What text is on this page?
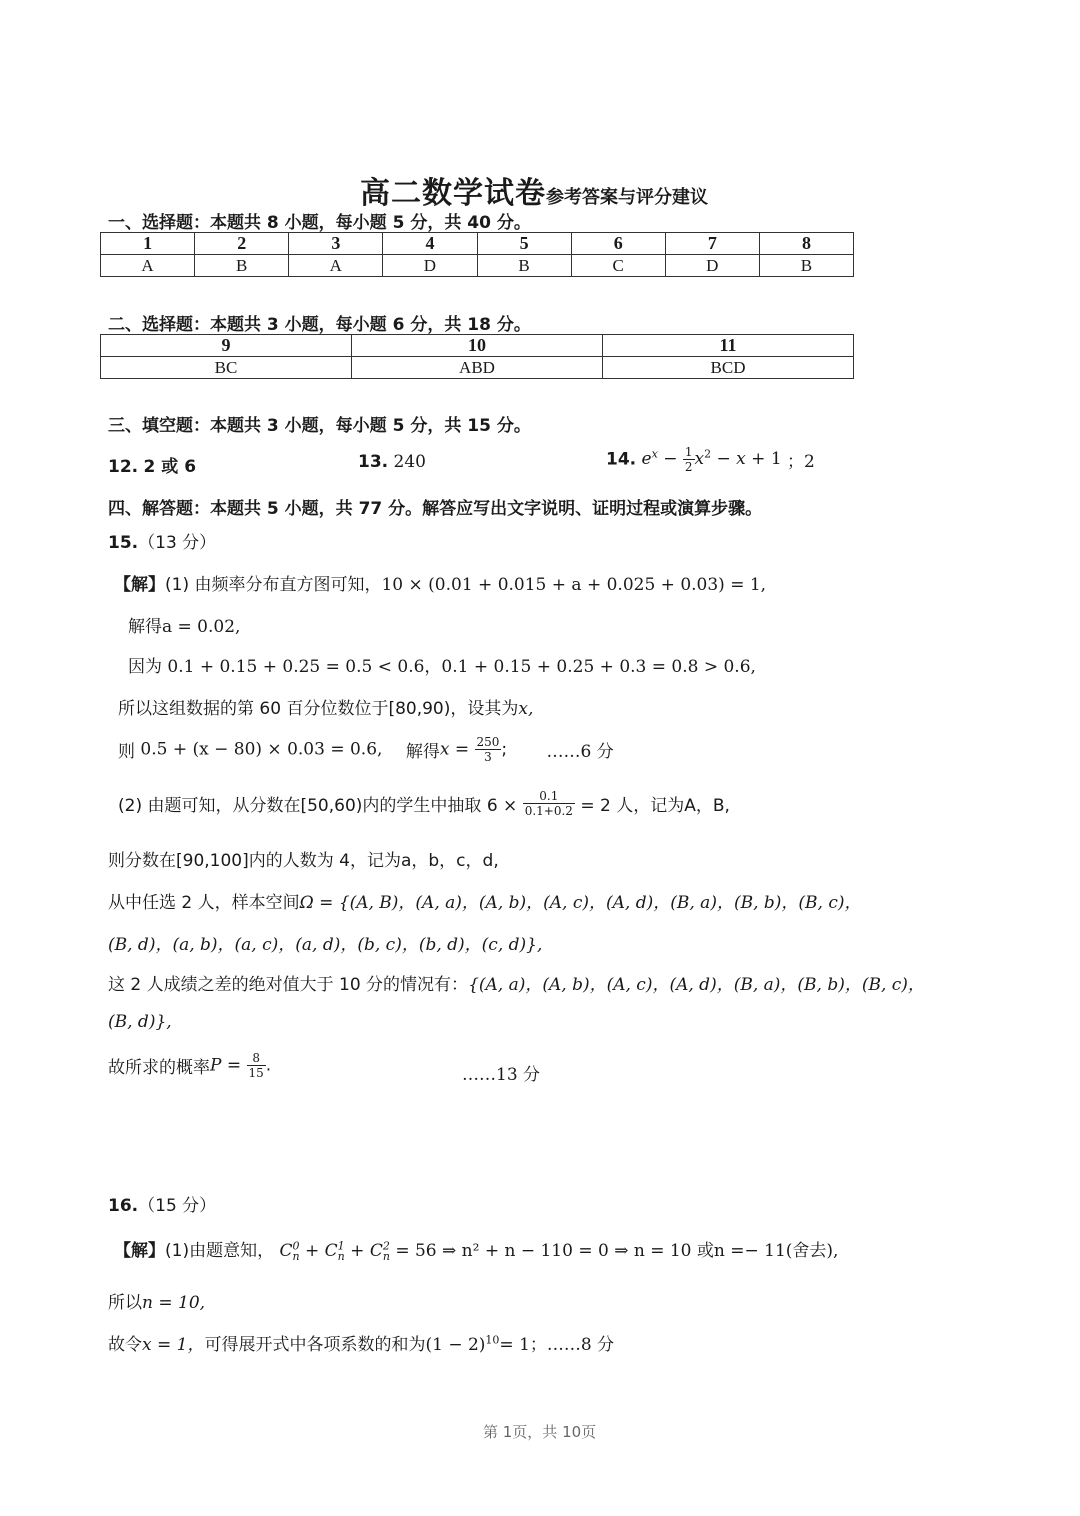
高二数学试卷参考答案与评分建议
一、选择题：本题共 8 小题，每小题 5 分，共 40 分。
1	2	3	4	5	6	7	8
A	B	A	D	B	C	D	B
二、选择题：本题共 3 小题，每小题 6 分，共 18 分。
9	10	11
BC	ABD	BCD
三、填空题：本题共 3 小题，每小题 5 分，共 15 分。
12. 2 或 6	13. 240	14. $e^x - \frac{1}{2} x^2 - x + 1$ ；2
四、解答题：本题共 5 小题，共 77 分。解答应写出文字说明、证明过程或演算步骤。
15.（13 分）
【解】(1) 由频率分布直方图可知，10 × (0.01 + 0.015 + a + 0.025 + 0.03) = 1,
解得a = 0.02,
因为 0.1 + 0.15 + 0.25 = 0.5 < 0.6，0.1 + 0.15 + 0.25 + 0.3 = 0.8 > 0.6,
所以这组数据的第 60 百分位数位于[80,90)，设其为x,
则 0.5 + (x − 80) × 0.03 = 0.6, 解得$x = \frac{250}{3}$ ; ……6 分
(2) 由题可知，从分数在[50,60)内的学生中抽取 $6 \times \frac{0.1}{0.1+0.2} = 2$ 人，记为A，B,
则分数在[90,100]内的人数为 4，记为a，b，c，d,
从中任选 2 人，样本空间Ω = {(A, B)，(A, a)，(A, b)，(A, c)，(A, d)，(B, a)，(B, b)，(B, c)，
(B, d)，(a, b)，(a, c)，(a, d)，(b, c)，(b, d)，(c, d)},
这 2 人成绩之差的绝对值大于 10 分的情况有：{(A, a)，(A, b)，(A, c)，(A, d)，(B, a)，(B, b)，(B, c)，
(B, d)},
故所求的概率$P = \frac{8}{15}$ .	……13 分
16.（15 分）
【解】(1)由题意知， $C^0_n + C^1_n + C^2_n = 56$ ⇒ n² + n − 110 = 0 ⇒ n = 10 或n =− 11(舍去),
所以n = 10,
故令x = 1，可得展开式中各项系数的和为$(1 - 2)^{10}= 1$；……8 分
第 1页，共 10页
